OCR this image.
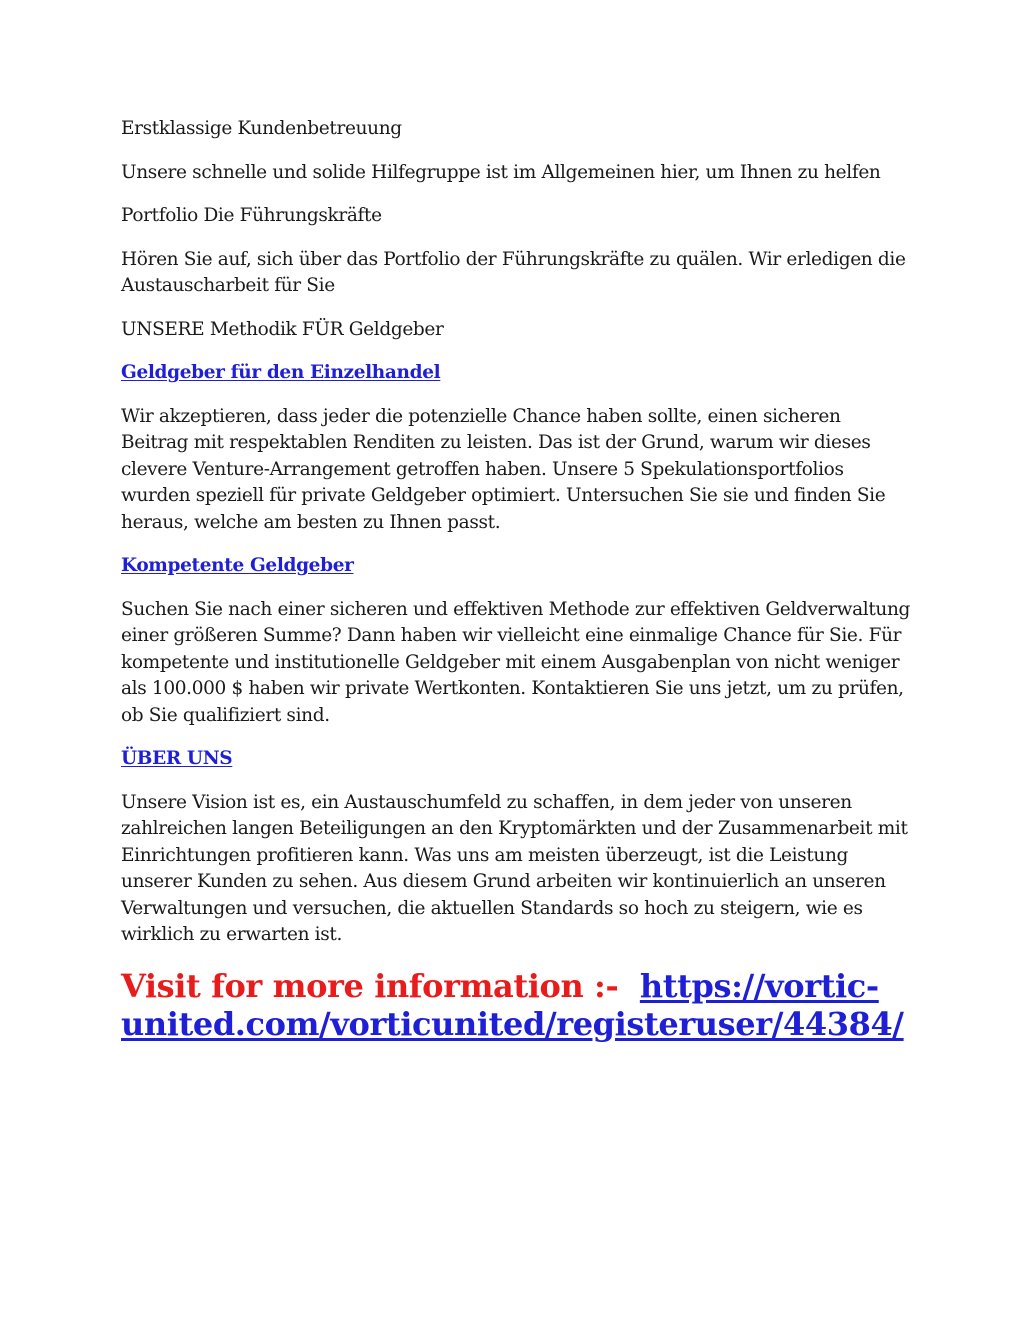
Erstklassige Kundenbetreuung

Unsere schnelle und solide Hilfegruppe ist im Allgemeinen hier, um Ihnen zu helfen

Portfolio Die Führungskräfte

Hören Sie auf, sich über das Portfolio der Führungskräfte zu quälen. Wir erledigen die Austauscharbeit für Sie

UNSERE Methodik FÜR Geldgeber

Geldgeber für den Einzelhandel

Wir akzeptieren, dass jeder die potenzielle Chance haben sollte, einen sicheren Beitrag mit respektablen Renditen zu leisten. Das ist der Grund, warum wir dieses clevere Venture-Arrangement getroffen haben. Unsere 5 Spekulationsportfolios wurden speziell für private Geldgeber optimiert. Untersuchen Sie sie und finden Sie heraus, welche am besten zu Ihnen passt.

Kompetente Geldgeber

Suchen Sie nach einer sicheren und effektiven Methode zur effektiven Geldverwaltung einer größeren Summe? Dann haben wir vielleicht eine einmalige Chance für Sie. Für kompetente und institutionelle Geldgeber mit einem Ausgabenplan von nicht weniger als 100.000 $ haben wir private Wertkonten. Kontaktieren Sie uns jetzt, um zu prüfen, ob Sie qualifiziert sind.

ÜBER UNS

Unsere Vision ist es, ein Austauschumfeld zu schaffen, in dem jeder von unseren zahlreichen langen Beteiligungen an den Kryptomärkten und der Zusammenarbeit mit Einrichtungen profitieren kann. Was uns am meisten überzeugt, ist die Leistung unserer Kunden zu sehen. Aus diesem Grund arbeiten wir kontinuierlich an unseren Verwaltungen und versuchen, die aktuellen Standards so hoch zu steigern, wie es wirklich zu erwarten ist.

Visit for more information :- https://vortic-united.com/vorticunited/registeruser/44384/
